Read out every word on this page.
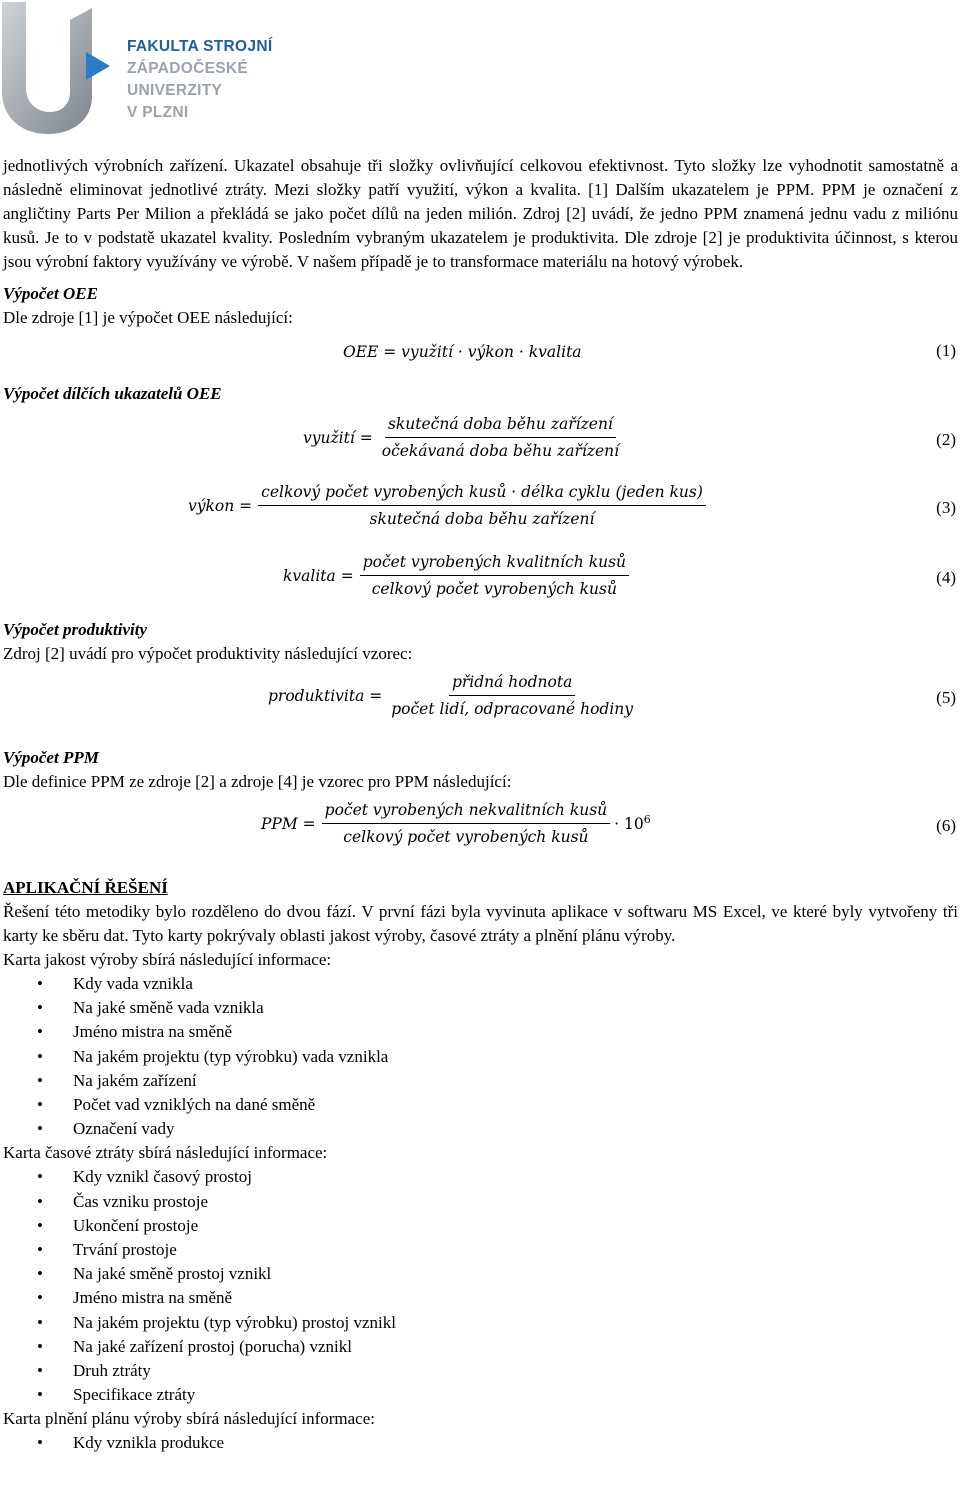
FAKULTA STROJNÍ
ZÁPADOČESKÉ
UNIVERZITY
V PLZNI

jednotlivých výrobních zařízení. Ukazatel obsahuje tři složky ovlivňující celkovou efektivnost. Tyto složky lze vyhodnotit samostatně a následně eliminovat jednotlivé ztráty. Mezi složky patří využití, výkon a kvalita. [1] Dalším ukazatelem je PPM. PPM je označení z angličtiny Parts Per Milion a překládá se jako počet dílů na jeden milión. Zdroj [2] uvádí, že jedno PPM znamená jednu vadu z miliónu kusů. Je to v podstatě ukazatel kvality. Posledním vybraným ukazatelem je produktivita. Dle zdroje [2] je produktivita účinnost, s kterou jsou výrobní faktory využívány ve výrobě. V našem případě je to transformace materiálu na hotový výrobek.

Výpočet OEE

Dle zdroje [1] je výpočet OEE následující:

OEE = využití · výkon · kvalita	(1)

Výpočet dílčích ukazatelů OEE

využití = $\frac{\text{skutečná doba běhu zařízení}}{\text{očekávaná doba běhu zařízení}}$	(2)
výkon = $\frac{\text{celkový počet vyrobených kusů · délka cyklu (jeden kus)}}{\text{skutečná doba běhu zařízení}}$	(3)
kvalita = $\frac{\text{počet vyrobených kvalitních kusů}}{\text{celkový počet vyrobených kusů}}$	(4)

Výpočet produktivity

Zdroj [2] uvádí pro výpočet produktivity následující vzorec:

produktivita = $\frac{\text{přidná hodnota}}{\text{počet lidí, odpracované hodiny}}$	(5)

Výpočet PPM

Dle definice PPM ze zdroje [2] a zdroje [4] je vzorec pro PPM následující:

PPM = $\frac{\text{počet vyrobených nekvalitních kusů}}{\text{celkový počet vyrobených kusů}} \cdot 10^6$	(6)

APLIKAČNÍ ŘEŠENÍ

Řešení této metodiky bylo rozděleno do dvou fází. V první fázi byla vyvinuta aplikace v softwaru MS Excel, ve které byly vytvořeny tři karty ke sběru dat. Tyto karty pokrývaly oblasti jakost výroby, časové ztráty a plnění plánu výroby.

Karta jakost výroby sbírá následující informace:

• Kdy vada vznikla
• Na jaké směně vada vznikla
• Jméno mistra na směně
• Na jakém projektu (typ výrobku) vada vznikla
• Na jakém zařízení
• Počet vad vzniklých na dané směně
• Označení vady

Karta časové ztráty sbírá následující informace:

• Kdy vznikl časový prostoj
• Čas vzniku prostoje
• Ukončení prostoje
• Trvání prostoje
• Na jaké směně prostoj vznikl
• Jméno mistra na směně
• Na jakém projektu (typ výrobku) prostoj vznikl
• Na jaké zařízení prostoj (porucha) vznikl
• Druh ztráty
• Specifikace ztráty

Karta plnění plánu výroby sbírá následující informace:

• Kdy vznikla produkce
